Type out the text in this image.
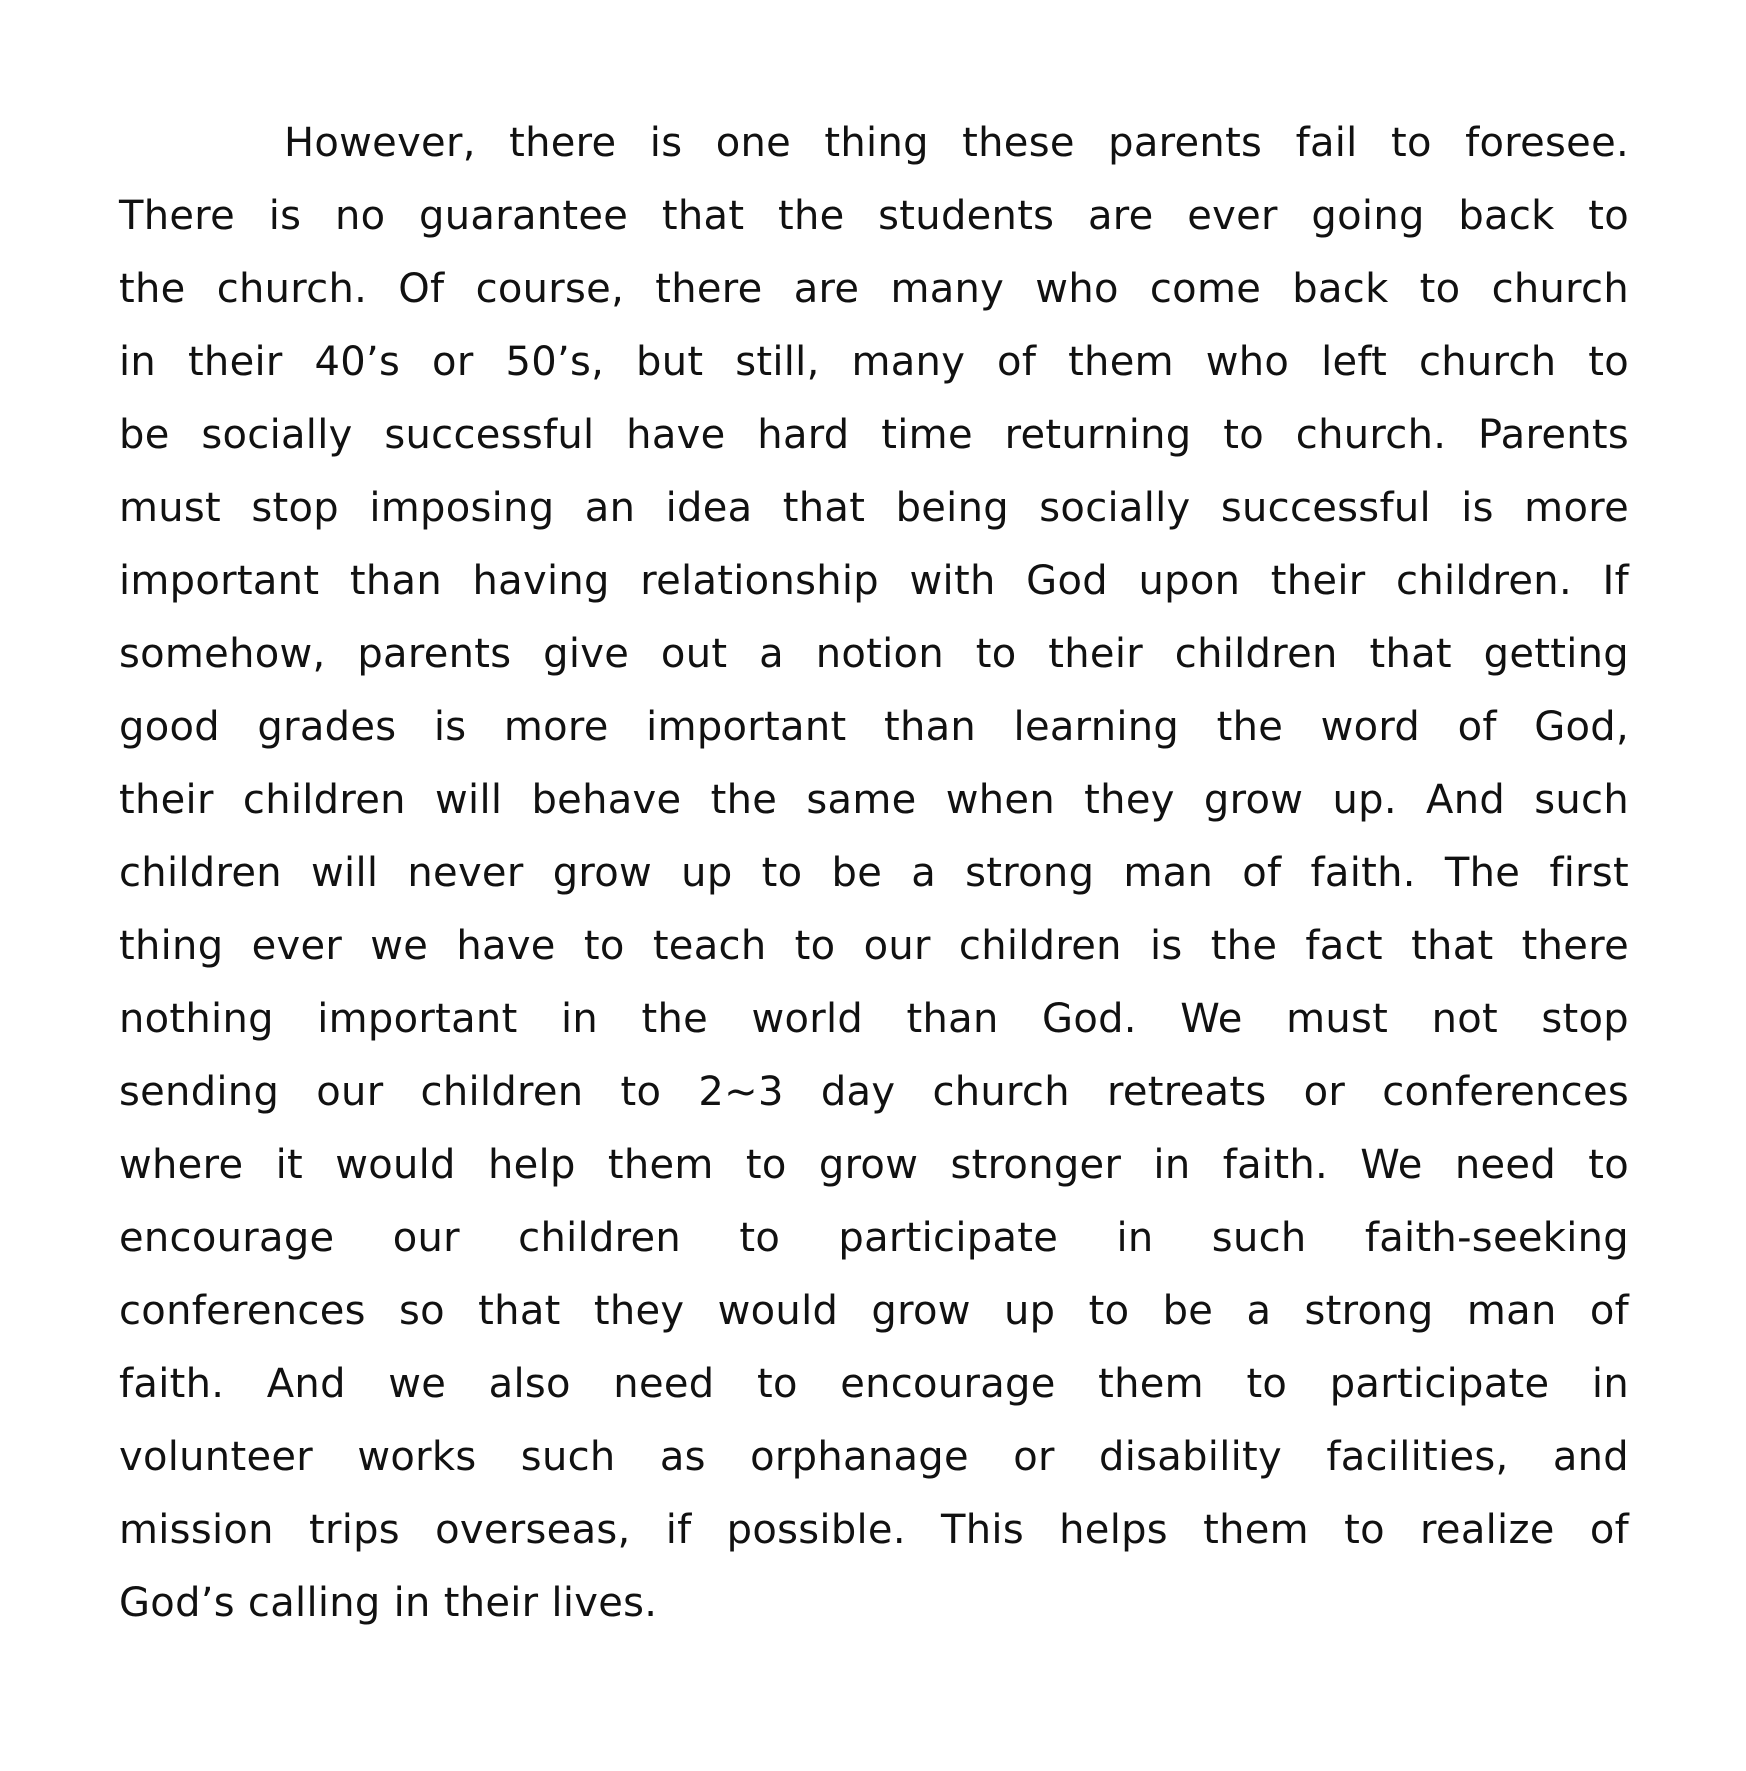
However, there is one thing these parents fail to foresee.
There is no guarantee that the students are ever going back to
the church. Of course, there are many who come back to church
in their 40’s or 50’s, but still, many of them who left church to
be socially successful have hard time returning to church. Parents
must stop imposing an idea that being socially successful is more
important than having relationship with God upon their children. If
somehow, parents give out a notion to their children that getting
good grades is more important than learning the word of God,
their children will behave the same when they grow up. And such
children will never grow up to be a strong man of faith. The first
thing ever we have to teach to our children is the fact that there
nothing important in the world than God. We must not stop
sending our children to 2~3 day church retreats or conferences
where it would help them to grow stronger in faith. We need to
encourage our children to participate in such faith-seeking
conferences so that they would grow up to be a strong man of
faith. And we also need to encourage them to participate in
volunteer works such as orphanage or disability facilities, and
mission trips overseas, if possible. This helps them to realize of
God’s calling in their lives.
